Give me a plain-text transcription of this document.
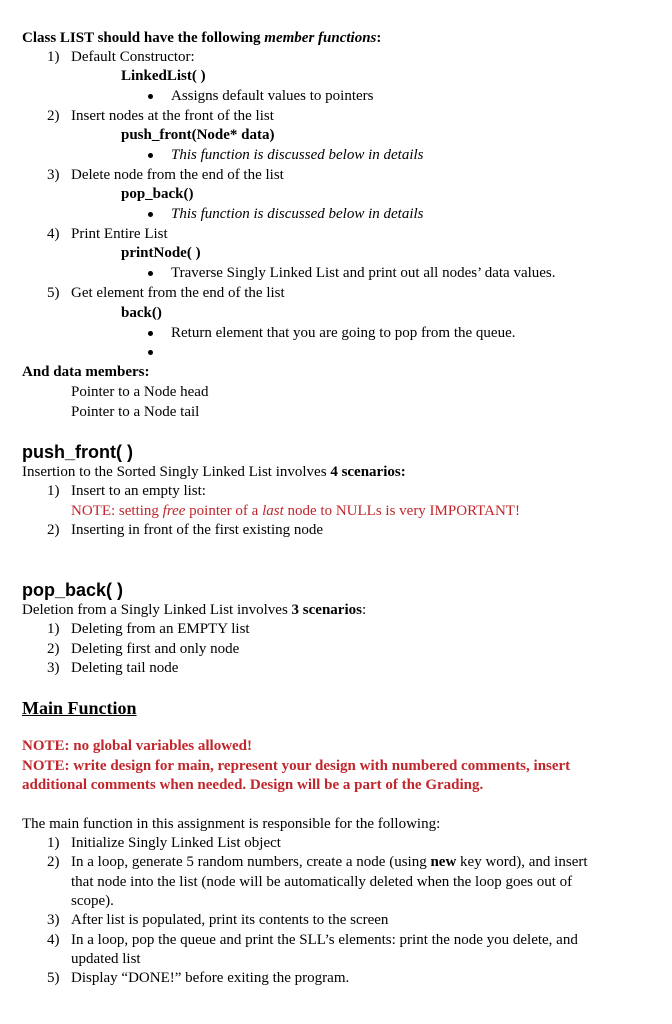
Class LIST should have the following member functions:
1) Default Constructor:
LinkedList( )
Assigns default values to pointers
2) Insert nodes at the front of the list
push_front(Node* data)
This function is discussed below in details
3) Delete node from the end of the list
pop_back()
This function is discussed below in details
4) Print Entire List
printNode( )
Traverse Singly Linked List and print out all nodes’ data values.
5) Get element from the end of the list
back()
Return element that you are going to pop from the queue.
And data members:
Pointer to a Node head
Pointer to a Node tail
push_front( )
Insertion to the Sorted Singly Linked List involves 4 scenarios:
1) Insert to an empty list:
NOTE: setting free pointer of a last node to NULLs is very IMPORTANT!
2) Inserting in front of the first existing node
pop_back( )
Deletion from a Singly Linked List involves 3 scenarios:
1) Deleting from an EMPTY list
2) Deleting first and only node
3) Deleting tail node
Main Function
NOTE: no global variables allowed!
NOTE: write design for main, represent your design with numbered comments, insert
additional comments when needed. Design will be a part of the Grading.
The main function in this assignment is responsible for the following:
1) Initialize Singly Linked List object
2) In a loop, generate 5 random numbers, create a node (using new key word), and insert
that node into the list (node will be automatically deleted when the loop goes out of
scope).
3) After list is populated, print its contents to the screen
4) In a loop, pop the queue and print the SLL’s elements: print the node you delete, and
updated list
5) Display “DONE!” before exiting the program.
